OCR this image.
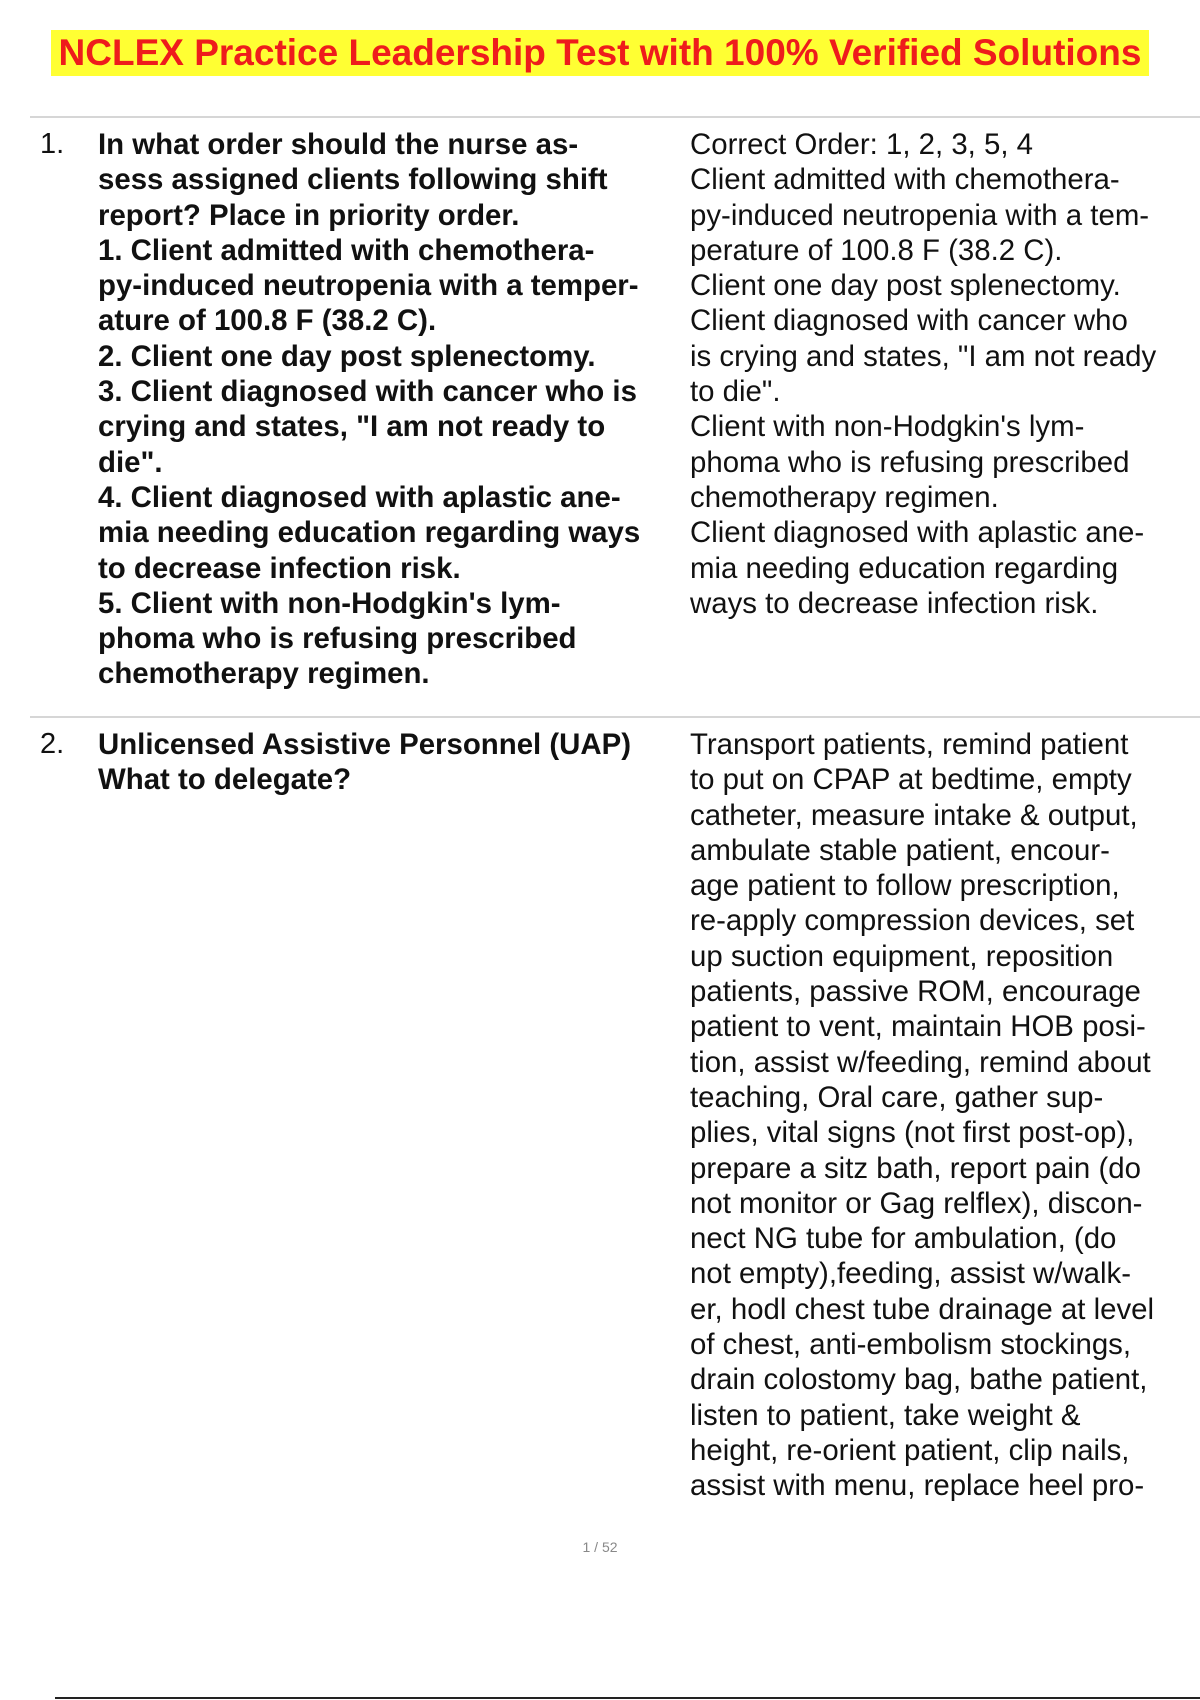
NCLEX Practice Leadership Test with 100% Verified Solutions
1. In what order should the nurse as-
sess assigned clients following shift
report? Place in priority order.
1. Client admitted with chemothera-
py-induced neutropenia with a temper-
ature of 100.8 F (38.2 C).
2. Client one day post splenectomy.
3. Client diagnosed with cancer who is
crying and states, "I am not ready to
die".
4. Client diagnosed with aplastic ane-
mia needing education regarding ways
to decrease infection risk.
5. Client with non-Hodgkin's lym-
phoma who is refusing prescribed
chemotherapy regimen.
Correct Order: 1, 2, 3, 5, 4
Client admitted with chemothera-
py-induced neutropenia with a tem-
perature of 100.8 F (38.2 C).
Client one day post splenectomy.
Client diagnosed with cancer who
is crying and states, "I am not ready
to die".
Client with non-Hodgkin's lym-
phoma who is refusing prescribed
chemotherapy regimen.
Client diagnosed with aplastic ane-
mia needing education regarding
ways to decrease infection risk.
2. Unlicensed Assistive Personnel (UAP)
What to delegate?
Transport patients, remind patient
to put on CPAP at bedtime, empty
catheter, measure intake & output,
ambulate stable patient, encour-
age patient to follow prescription,
re-apply compression devices, set
up suction equipment, reposition
patients, passive ROM, encourage
patient to vent, maintain HOB posi-
tion, assist w/feeding, remind about
teaching, Oral care, gather sup-
plies, vital signs (not first post-op),
prepare a sitz bath, report pain (do
not monitor or Gag relflex), discon-
nect NG tube for ambulation, (do
not empty),feeding, assist w/walk-
er, hodl chest tube drainage at level
of chest, anti-embolism stockings,
drain colostomy bag, bathe patient,
listen to patient, take weight &
height, re-orient patient, clip nails,
assist with menu, replace heel pro-
1 / 52
